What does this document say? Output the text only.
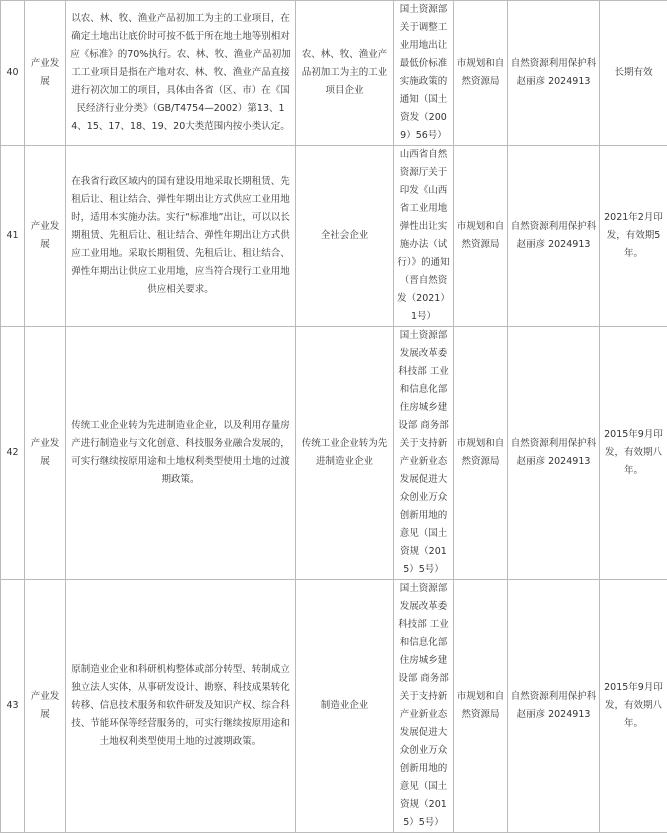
40	产业发展	以农、林、牧、渔业产品初加工为主的工业项目，在确定土地出让底价时可按不低于所在地土地等别相对应《标准》的70%执行。农、林、牧、渔业产品初加工工业项目是指在产地对农、林、牧、渔业产品直接进行初次加工的项目，具体由各省（区、市）在《国民经济行业分类》（GB/T4754—2002）第13、14、15、17、18、19、20大类范围内按小类认定。	农、林、牧、渔业产品初加工为主的工业项目企业	国土资源部关于调整工业用地出让最低价标准实施政策的通知（国土资发（2009）56号）	市规划和自然资源局	自然资源利用保护科 赵丽彦 2024913	长期有效
41	产业发展	在我省行政区域内的国有建设用地采取长期租赁、先租后让、租让结合、弹性年期出让方式供应工业用地时，适用本实施办法。实行“标准地”出让，可以以长期租赁、先租后让、租让结合、弹性年期出让方式供应工业用地。采取长期租赁、先租后让、租让结合、弹性年期出让供应工业用地，应当符合现行工业用地供应相关要求。	全社会企业	山西省自然资源厅关于印发《山西省工业用地弹性出让实施办法（试行）》的通知（晋自然资发（2021）1号）	市规划和自然资源局	自然资源利用保护科 赵丽彦 2024913	2021年2月印发，有效期5年。
42	产业发展	传统工业企业转为先进制造业企业，以及利用存量房产进行制造业与文化创意、科技服务业融合发展的，可实行继续按原用途和土地权利类型使用土地的过渡期政策。	传统工业企业转为先进制造业企业	国土资源部 发展改革委 科技部 工业和信息化部 住房城乡建设部 商务部关于支持新产业新业态发展促进大众创业万众创新用地的意见（国土资规（2015）5号）	市规划和自然资源局	自然资源利用保护科 赵丽彦 2024913	2015年9月印发，有效期八年。
43	产业发展	原制造业企业和科研机构整体或部分转型、转制成立独立法人实体，从事研发设计、勘察、科技成果转化转移、信息技术服务和软件研发及知识产权、综合科技、节能环保等经营服务的，可实行继续按原用途和土地权利类型使用土地的过渡期政策。	制造业企业	国土资源部 发展改革委 科技部 工业和信息化部 住房城乡建设部 商务部关于支持新产业新业态发展促进大众创业万众创新用地的意见（国土资规（2015）5号）	市规划和自然资源局	自然资源利用保护科 赵丽彦 2024913	2015年9月印发，有效期八年。
